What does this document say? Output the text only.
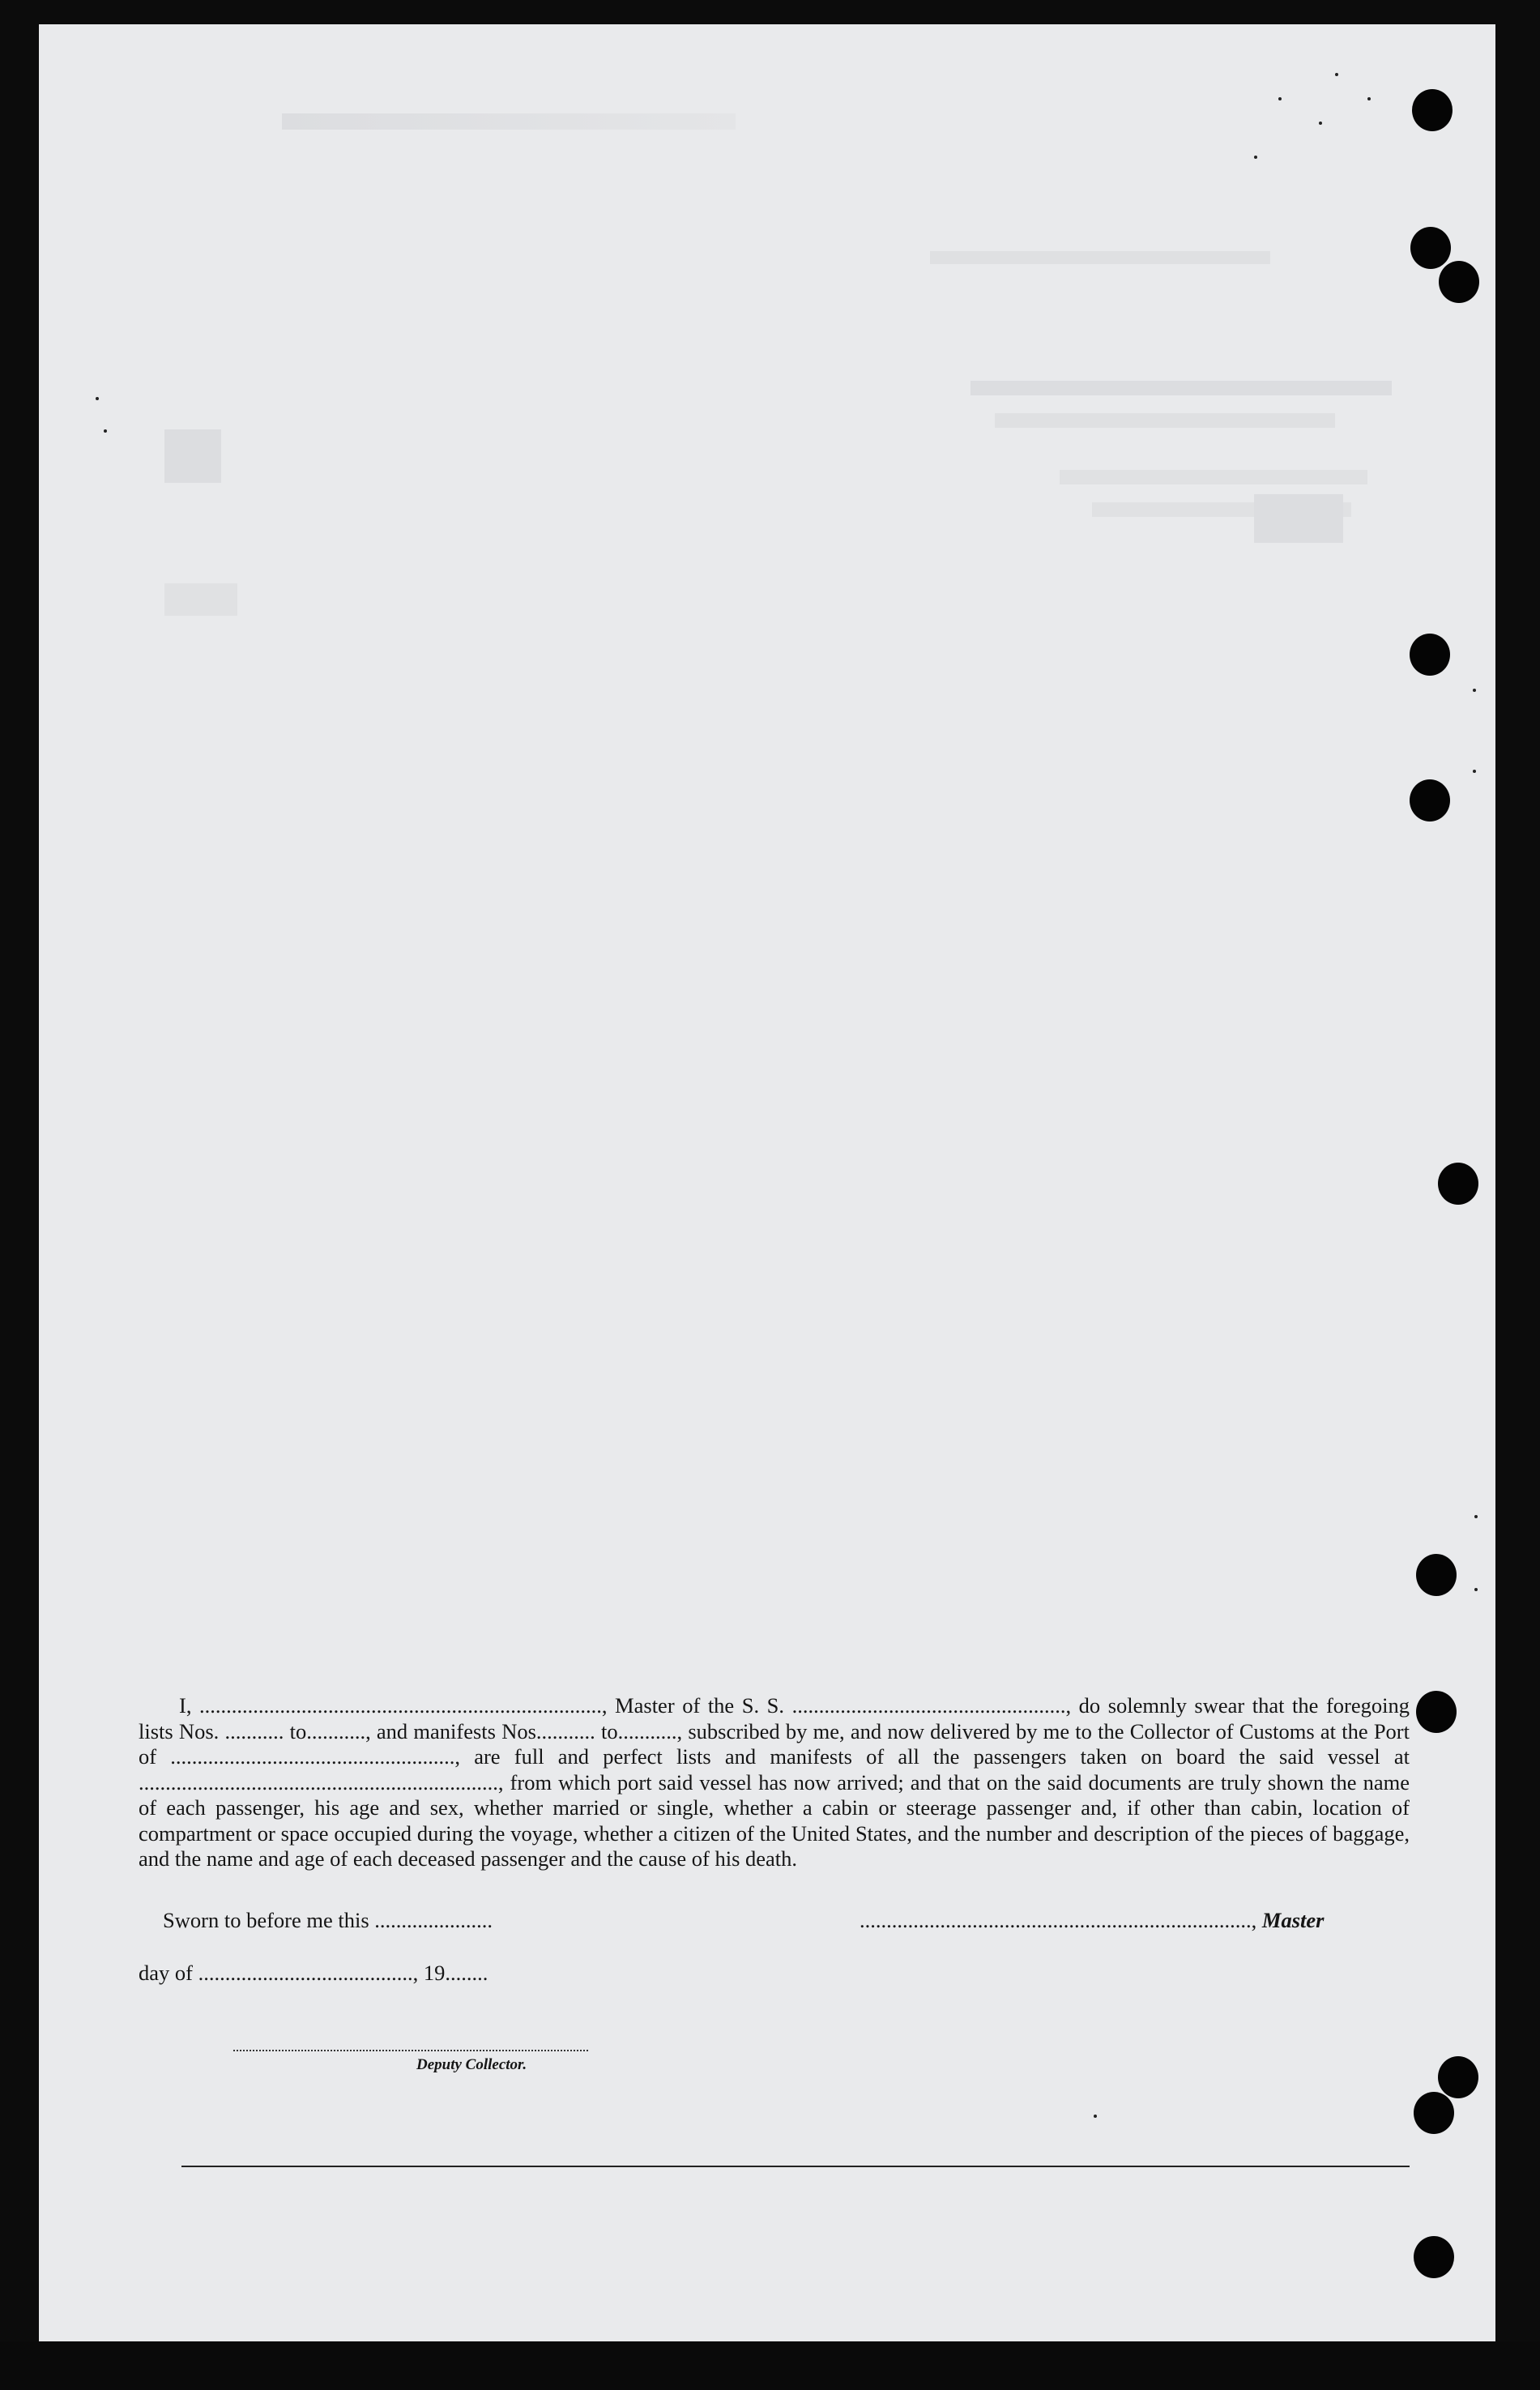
I, ..........................................................................., Master of the S. S. ..................................................., do solemnly swear that the foregoing lists Nos. ........... to..........., and manifests Nos........... to..........., subscribed by me, and now delivered by me to the Collector of Customs at the Port of ....................................................., are full and perfect lists and manifests of all the passengers taken on board the said vessel at ..................................................................., from which port said vessel has now arrived; and that on the said documents are truly shown the name of each passenger, his age and sex, whether married or single, whether a cabin or steerage passenger and, if other than cabin, location of compartment or space occupied during the voyage, whether a citizen of the United States, and the number and description of the pieces of baggage, and the name and age of each deceased passenger and the cause of his death.

Sworn to before me this ......................	........................................................................., Master
day of ........................................, 19........
Deputy Collector.
